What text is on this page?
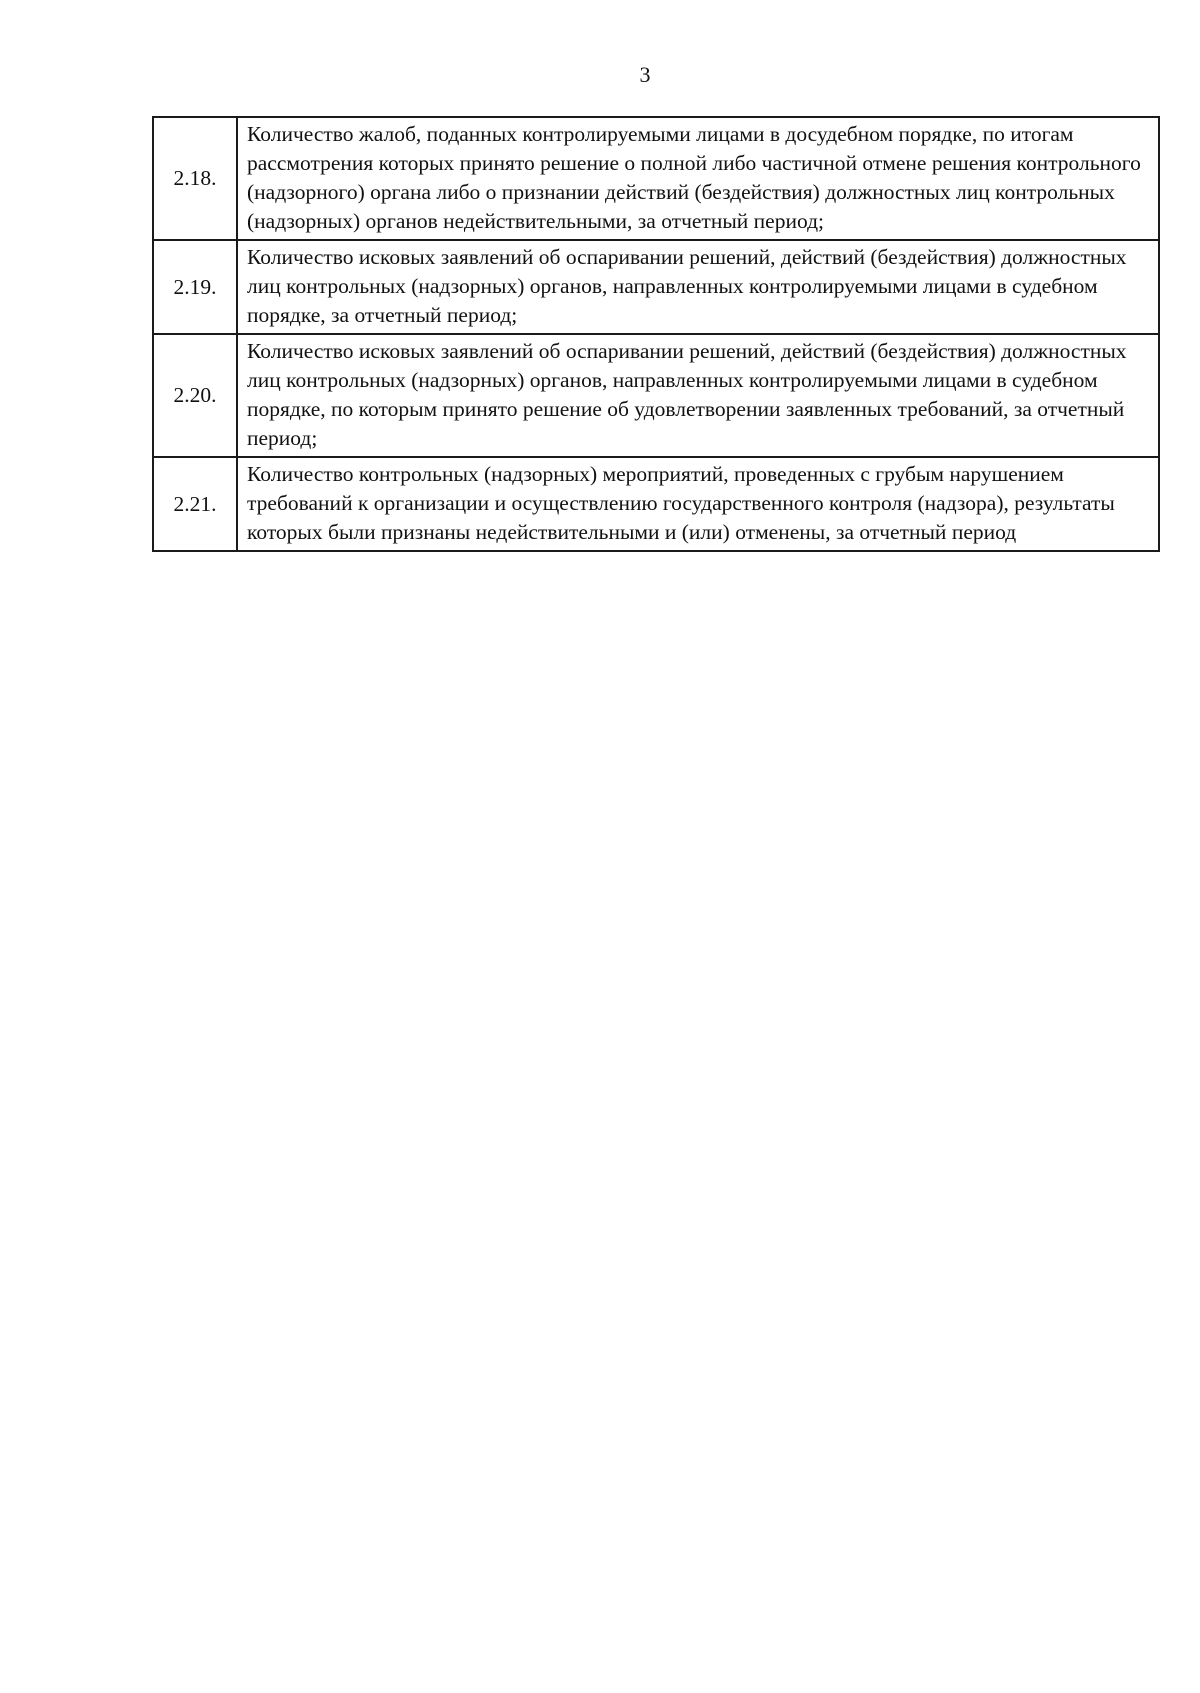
3
2.18.	Количество жалоб, поданных контролируемыми лицами в досудебном порядке, по итогам рассмотрения которых принято решение о полной либо частичной отмене решения контрольного (надзорного) органа либо о признании действий (бездействия) должностных лиц контрольных (надзорных) органов недействительными, за отчетный период;
2.19.	Количество исковых заявлений об оспаривании решений, действий (бездействия) должностных лиц контрольных (надзорных) органов, направленных контролируемыми лицами в судебном порядке, за отчетный период;
2.20.	Количество исковых заявлений об оспаривании решений, действий (бездействия) должностных лиц контрольных (надзорных) органов, направленных контролируемыми лицами в судебном порядке, по которым принято решение об удовлетворении заявленных требований, за отчетный период;
2.21.	Количество контрольных (надзорных) мероприятий, проведенных с грубым нарушением требований к организации и осуществлению государственного контроля (надзора), результаты которых были признаны недействительными и (или) отменены, за отчетный период
